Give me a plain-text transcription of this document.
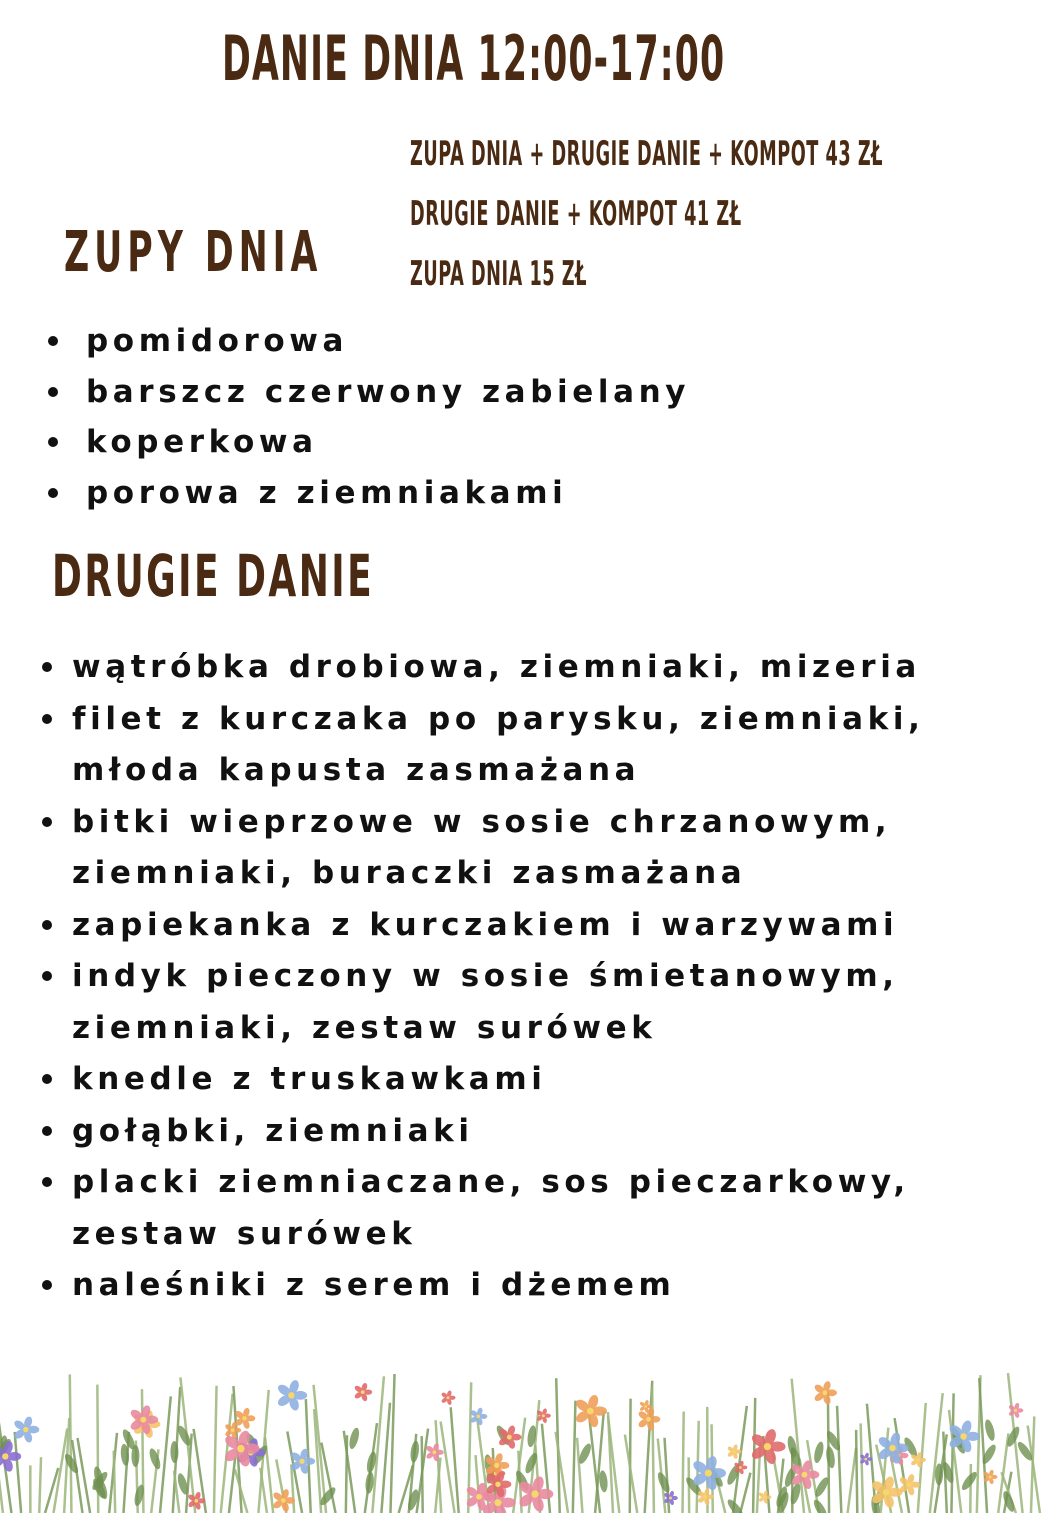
DANIE DNIA 12:00-17:00
ZUPA DNIA + DRUGIE DANIE + KOMPOT 43 ZŁ
DRUGIE DANIE + KOMPOT 41 ZŁ
ZUPA DNIA 15 ZŁ
ZUPY DNIA
pomidorowa
barszcz czerwony zabielany
koperkowa
porowa z ziemniakami
DRUGIE DANIE
wątróbka drobiowa, ziemniaki, mizeria
filet z kurczaka po parysku, ziemniaki,
młoda kapusta zasmażana
bitki wieprzowe w sosie chrzanowym,
ziemniaki, buraczki zasmażana
zapiekanka z kurczakiem i warzywami
indyk pieczony w sosie śmietanowym,
ziemniaki, zestaw surówek
knedle z truskawkami
gołąbki, ziemniaki
placki ziemniaczane, sos pieczarkowy,
zestaw surówek
naleśniki z serem i dżemem
